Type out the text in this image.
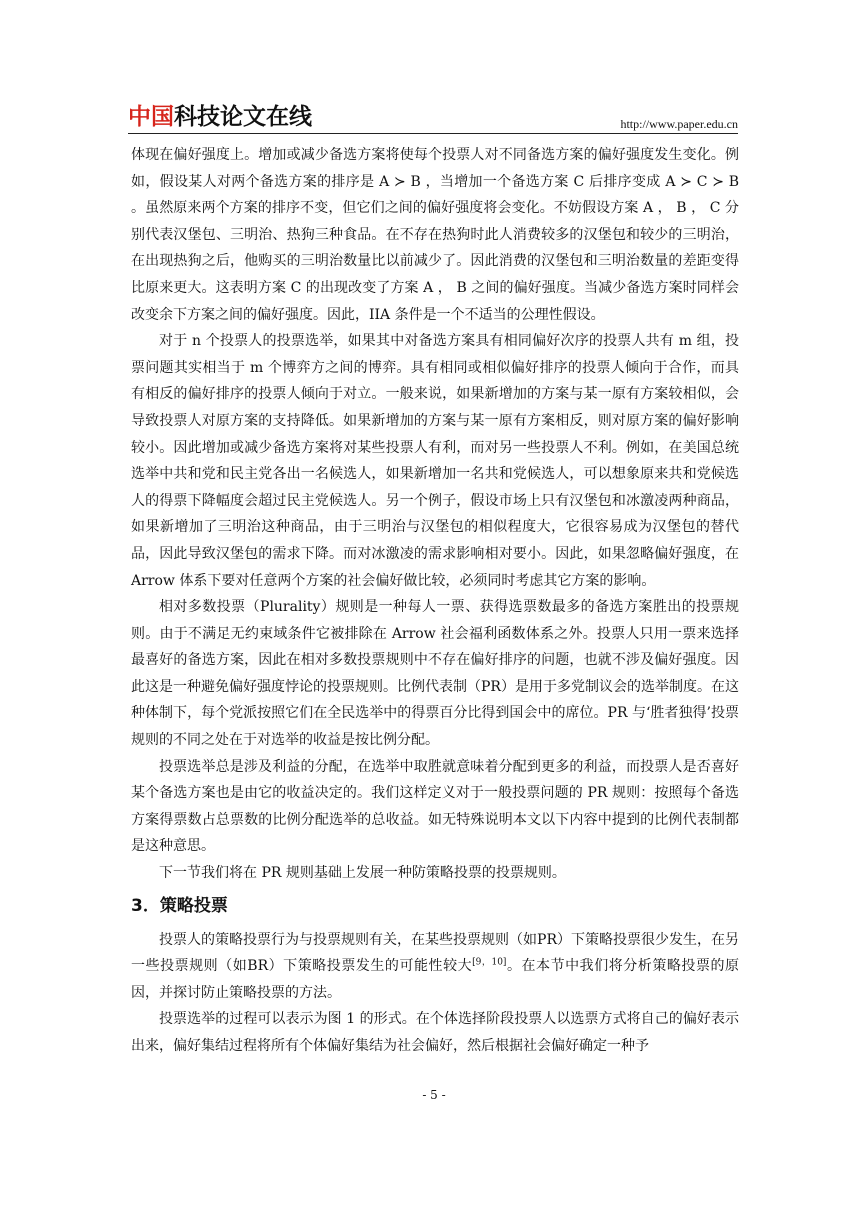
中国科技论文在线	http://www.paper.edu.cn

体现在偏好强度上。增加或减少备选方案将使每个投票人对不同备选方案的偏好强度发生变化。例如，假设某人对两个备选方案的排序是 A ≻ B ，当增加一个备选方案 C 后排序变成 A ≻ C ≻ B 。虽然原来两个方案的排序不变，但它们之间的偏好强度将会变化。不妨假设方案 A ， B ， C 分别代表汉堡包、三明治、热狗三种食品。在不存在热狗时此人消费较多的汉堡包和较少的三明治，在出现热狗之后，他购买的三明治数量比以前减少了。因此消费的汉堡包和三明治数量的差距变得比原来更大。这表明方案 C 的出现改变了方案 A ， B 之间的偏好强度。当减少备选方案时同样会改变余下方案之间的偏好强度。因此，IIA 条件是一个不适当的公理性假设。

对于 n 个投票人的投票选举，如果其中对备选方案具有相同偏好次序的投票人共有 m 组，投票问题其实相当于 m 个博弈方之间的博弈。具有相同或相似偏好排序的投票人倾向于合作，而具有相反的偏好排序的投票人倾向于对立。一般来说，如果新增加的方案与某一原有方案较相似，会导致投票人对原方案的支持降低。如果新增加的方案与某一原有方案相反，则对原方案的偏好影响较小。因此增加或减少备选方案将对某些投票人有利，而对另一些投票人不利。例如，在美国总统选举中共和党和民主党各出一名候选人，如果新增加一名共和党候选人，可以想象原来共和党候选人的得票下降幅度会超过民主党候选人。另一个例子，假设市场上只有汉堡包和冰激凌两种商品，如果新增加了三明治这种商品，由于三明治与汉堡包的相似程度大，它很容易成为汉堡包的替代品，因此导致汉堡包的需求下降。而对冰激凌的需求影响相对要小。因此，如果忽略偏好强度，在 Arrow 体系下要对任意两个方案的社会偏好做比较，必须同时考虑其它方案的影响。

相对多数投票（Plurality）规则是一种每人一票、获得选票数最多的备选方案胜出的投票规则。由于不满足无约束域条件它被排除在 Arrow 社会福利函数体系之外。投票人只用一票来选择最喜好的备选方案，因此在相对多数投票规则中不存在偏好排序的问题，也就不涉及偏好强度。因此这是一种避免偏好强度悖论的投票规则。比例代表制（PR）是用于多党制议会的选举制度。在这种体制下，每个党派按照它们在全民选举中的得票百分比得到国会中的席位。PR 与‘胜者独得’投票规则的不同之处在于对选举的收益是按比例分配。

投票选举总是涉及利益的分配，在选举中取胜就意味着分配到更多的利益，而投票人是否喜好某个备选方案也是由它的收益决定的。我们这样定义对于一般投票问题的 PR 规则：按照每个备选方案得票数占总票数的比例分配选举的总收益。如无特殊说明本文以下内容中提到的比例代表制都是这种意思。

下一节我们将在 PR 规则基础上发展一种防策略投票的投票规则。

3．策略投票

投票人的策略投票行为与投票规则有关，在某些投票规则（如PR）下策略投票很少发生，在另一些投票规则（如BR）下策略投票发生的可能性较大[9，10]。在本节中我们将分析策略投票的原因，并探讨防止策略投票的方法。

投票选举的过程可以表示为图 1 的形式。在个体选择阶段投票人以选票方式将自己的偏好表示出来，偏好集结过程将所有个体偏好集结为社会偏好，然后根据社会偏好确定一种予

- 5 -
